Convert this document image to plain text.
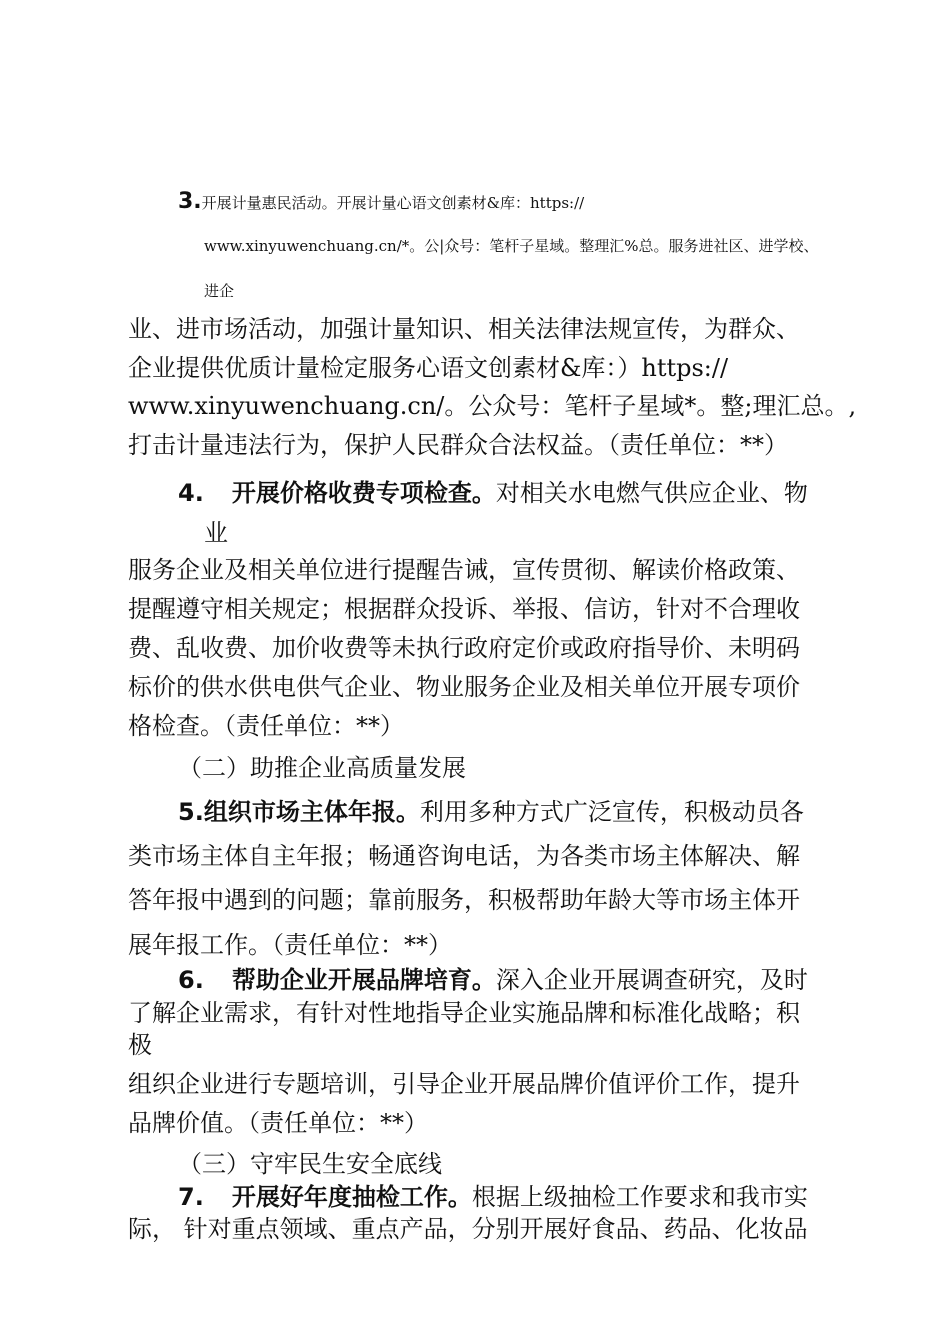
3.开展计量惠民活动。开展计量心语文创素材&库：https://
www.xinyuwenchuang.cn/*。公|众号：笔杆子星域。整理汇%总。服务进社区、进学校、
进企
业、进市场活动，加强计量知识、相关法律法规宣传，为群众、
企业提供优质计量检定服务心语文创素材&库：）https://
www.xinyuwenchuang.cn/。公众号：笔杆子星域*。整;理汇总。,
打击计量违法行为，保护人民群众合法权益。（责任单位：**）
4. 开展价格收费专项检查。对相关水电燃气供应企业、物
业
服务企业及相关单位进行提醒告诫，宣传贯彻、解读价格政策、
提醒遵守相关规定；根据群众投诉、举报、信访，针对不合理收
费、乱收费、加价收费等未执行政府定价或政府指导价、未明码
标价的供水供电供气企业、物业服务企业及相关单位开展专项价
格检查。（责任单位：**）
（二）助推企业高质量发展
5.组织市场主体年报。利用多种方式广泛宣传，积极动员各
类市场主体自主年报；畅通咨询电话，为各类市场主体解决、解
答年报中遇到的问题；靠前服务，积极帮助年龄大等市场主体开
展年报工作。（责任单位：**）
6. 帮助企业开展品牌培育。深入企业开展调查研究，及时
了解企业需求，有针对性地指导企业实施品牌和标准化战略；积
极
组织企业进行专题培训，引导企业开展品牌价值评价工作，提升
品牌价值。（责任单位：**）
（三）守牢民生安全底线
7. 开展好年度抽检工作。根据上级抽检工作要求和我市实
际， 针对重点领域、重点产品，分别开展好食品、药品、化妆品
